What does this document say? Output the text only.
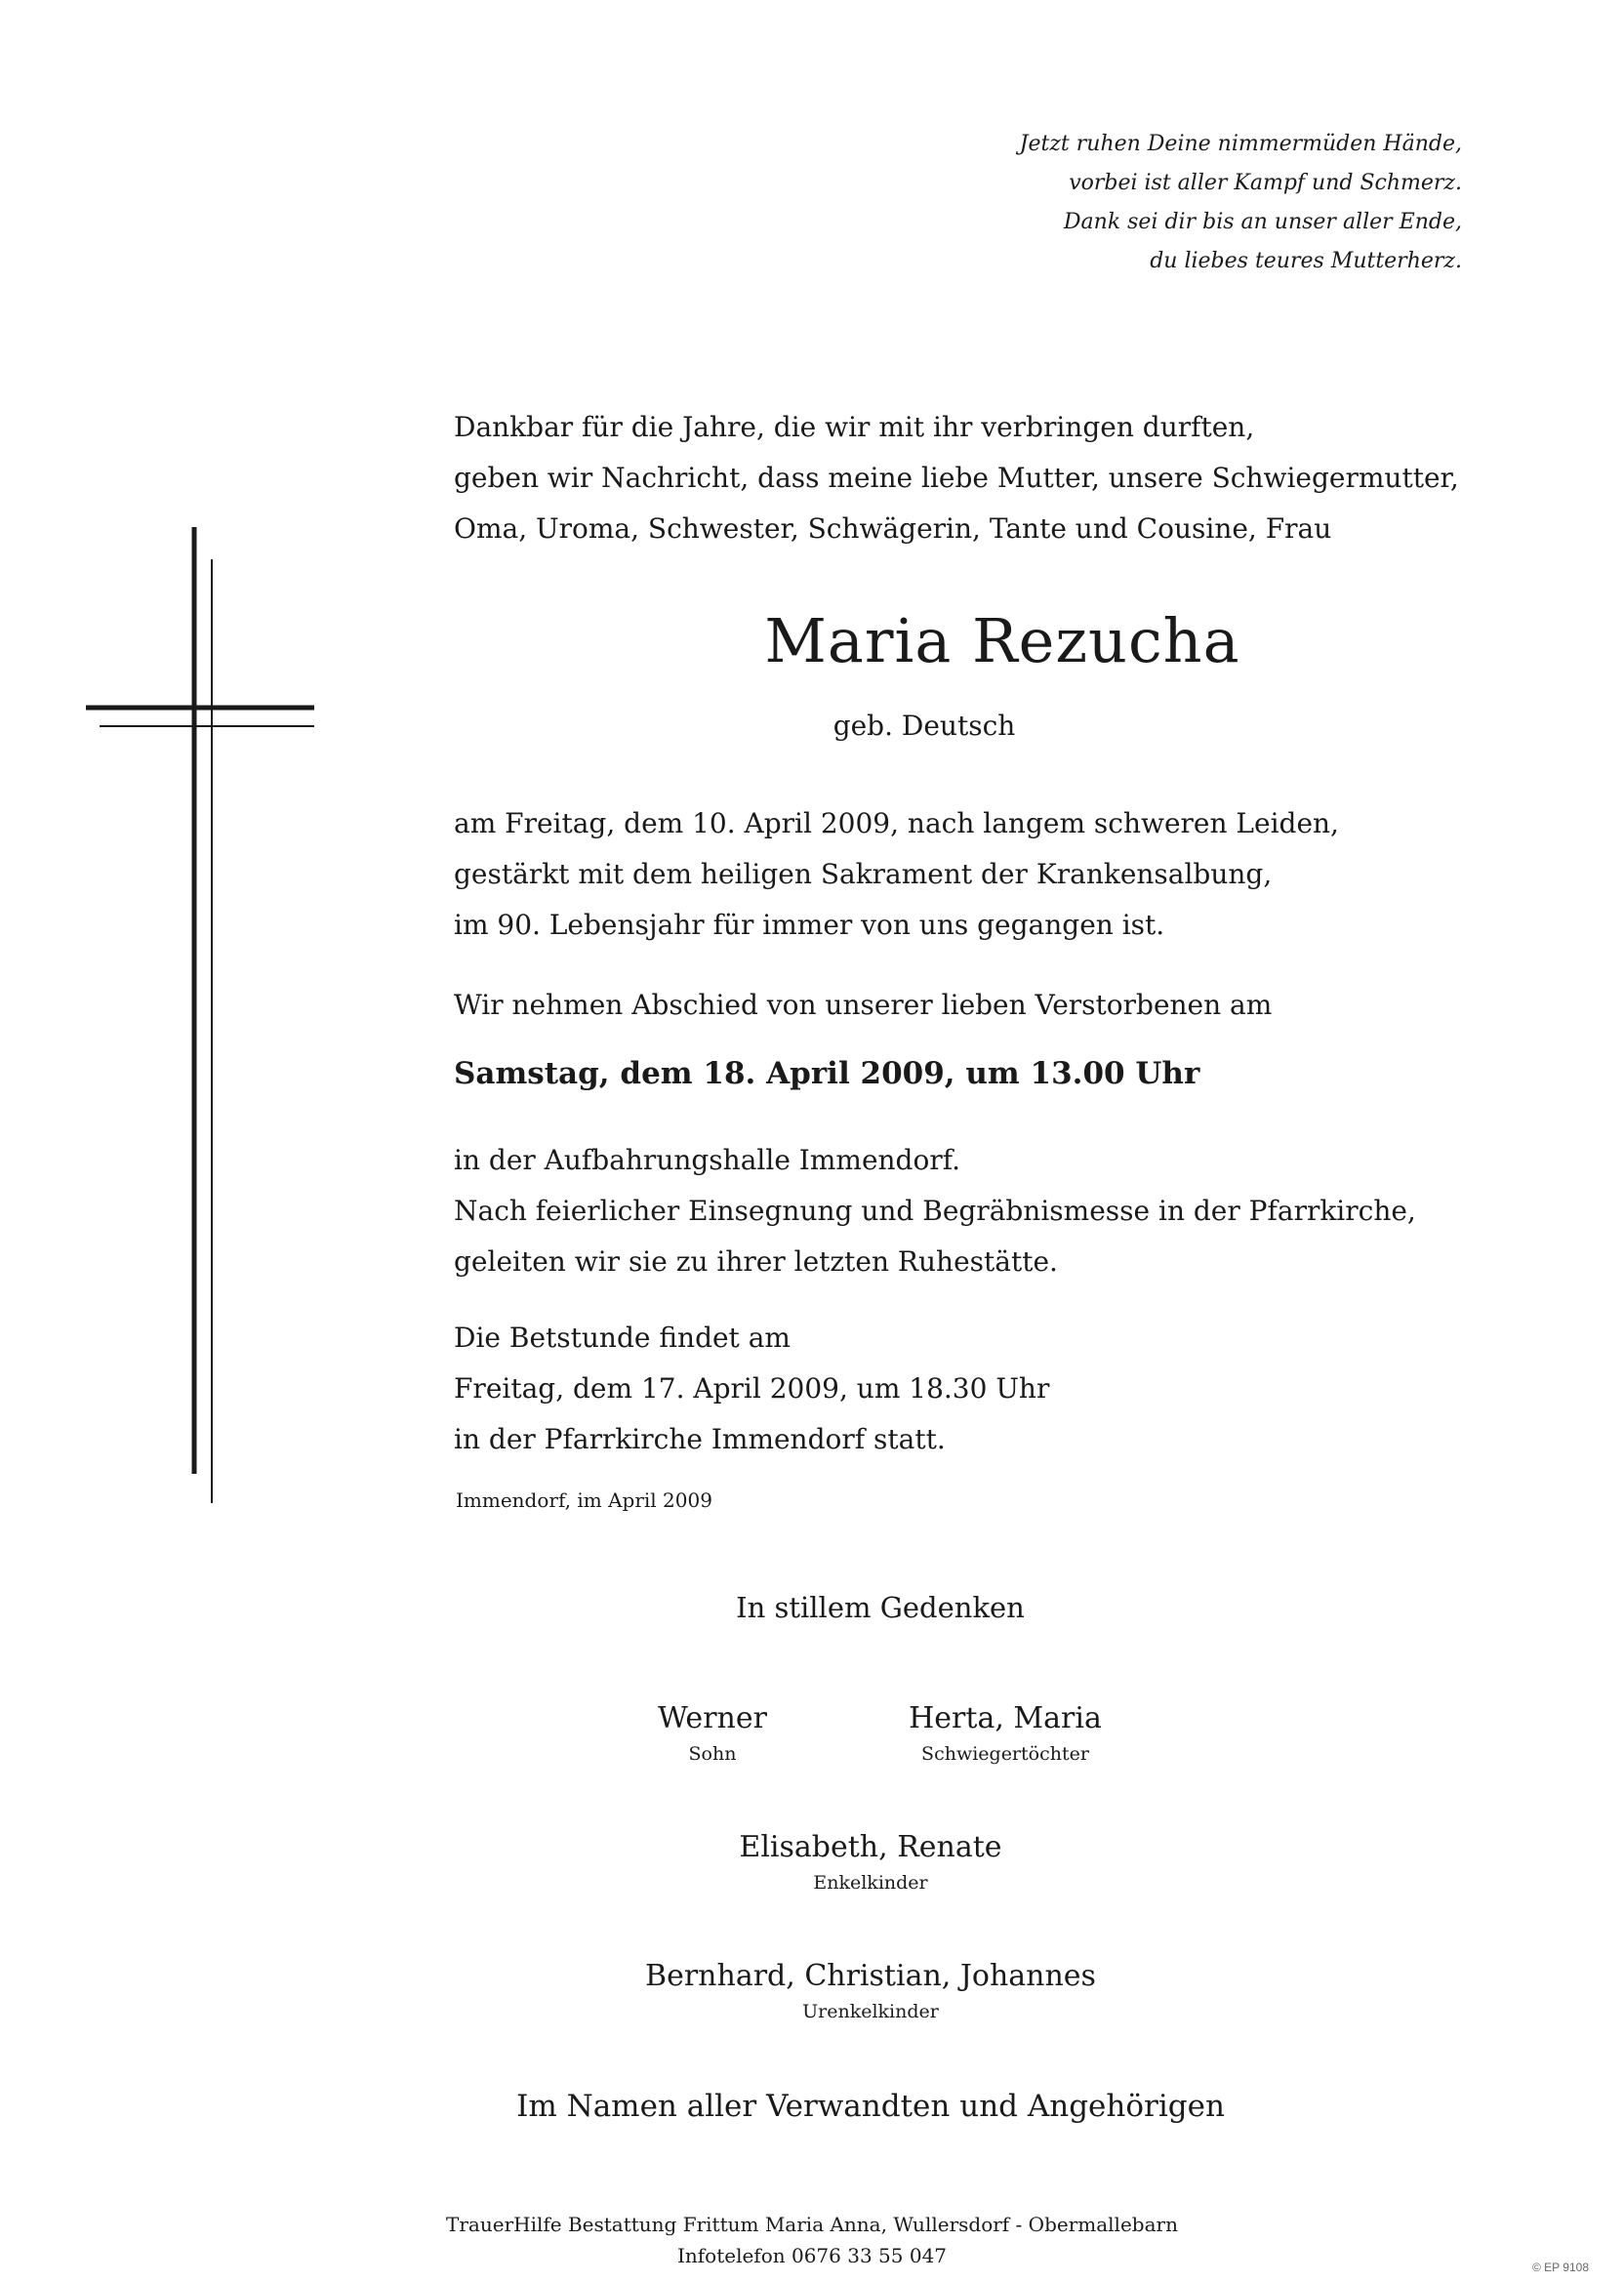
Jetzt ruhen Deine nimmermüden Hände,
vorbei ist aller Kampf und Schmerz.
Dank sei dir bis an unser aller Ende,
du liebes teures Mutterherz.
Dankbar für die Jahre, die wir mit ihr verbringen durften,
geben wir Nachricht, dass meine liebe Mutter, unsere Schwiegermutter,
Oma, Uroma, Schwester, Schwägerin, Tante und Cousine, Frau
Maria Rezucha
geb. Deutsch
am Freitag, dem 10. April 2009, nach langem schweren Leiden,
gestärkt mit dem heiligen Sakrament der Krankensalbung,
im 90. Lebensjahr für immer von uns gegangen ist.
Wir nehmen Abschied von unserer lieben Verstorbenen am
Samstag, dem 18. April 2009, um 13.00 Uhr
in der Aufbahrungshalle Immendorf.
Nach feierlicher Einsegnung und Begräbnismesse in der Pfarrkirche,
geleiten wir sie zu ihrer letzten Ruhestätte.
Die Betstunde findet am
Freitag, dem 17. April 2009, um 18.30 Uhr
in der Pfarrkirche Immendorf statt.
Immendorf, im April 2009
In stillem Gedenken
Werner
Sohn
Herta, Maria
Schwiegertöchter
Elisabeth, Renate
Enkelkinder
Bernhard, Christian, Johannes
Urenkelkinder
Im Namen aller Verwandten und Angehörigen
TrauerHilfe Bestattung Frittum Maria Anna, Wullersdorf - Obermallebarn
Infotelefon 0676 33 55 047	© EP 9108
